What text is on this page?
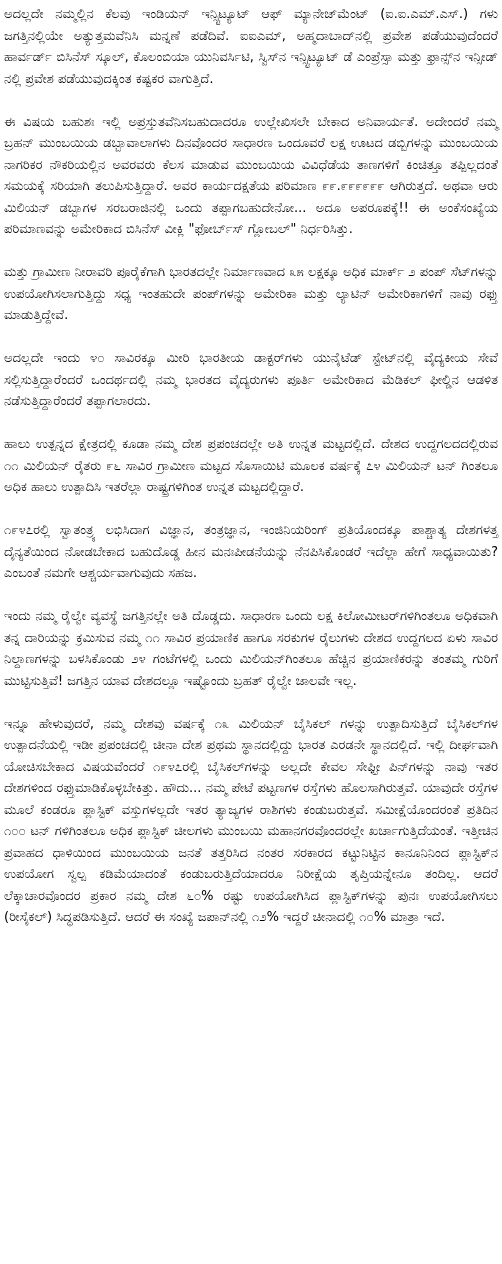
ಅದಲ್ಲದೇ ನಮ್ಮಲ್ಲಿನ ಕೆಲವು ಇಂಡಿಯನ್ ಇನ್ಸ್ಟಿಟ್ಯೂಟ್ ಆಫ್ ಮ್ಯಾನೇಜ್‌ಮೆಂಟ್ (ಐ.ಐ.ಎಮ್.ಎಸ್.) ಗಳು ಜಗತ್ತಿನಲ್ಲಿಯೇ ಅತ್ಯುತ್ತಮವೆನಿಸಿ ಮನ್ನಣೆ ಪಡೆದಿವೆ. ಐಐಎಮ್, ಅಹ್ಮದಾಬಾದ್‌ನಲ್ಲಿ ಪ್ರವೇಶ ಪಡೆಯುವುದೆಂದರೆ ಹಾರ್ವರ್ಡ್ ಬಿಸಿನೆಸ್ ಸ್ಕೂಲ್, ಕೊಲಂಬಿಯಾ ಯುನಿವರ್ಸಿಟಿ, ಸ್ವಿಸ್‌ನ ಇನ್ಸ್ಟಿಟ್ಯೂಟ್ ಡೆ ಎಂಪ್ರೆಸ್ಸಾ ಮತ್ತು ಫ್ರಾನ್ಸ್‌ನ ಇನ್ಸೀಡ್ ನಲ್ಲಿ ಪ್ರವೇಶ ಪಡೆಯುವುದಕ್ಕಿಂತ ಕಷ್ಟಕರ ವಾಗುತ್ತಿದೆ.

ಈ ವಿಷಯ ಬಹುಶಃ ಇಲ್ಲಿ ಅಪ್ರಸ್ತುತವೆನಿಸಬಹುದಾದರೂ ಉಲ್ಲೇಖಿಸಲೇ ಬೇಕಾದ ಅನಿವಾರ್ಯತೆ. ಅದೇಂದರೆ ನಮ್ಮ ಬ್ರಹನ್ ಮುಂಬಯಿಯ ಡಬ್ಬಾವಾಲಾಗಳು ದಿನವೊಂದರ ಸಾಧಾರಣ ಒಂದೂವರೆ ಲಕ್ಷ ಊಟದ ಡಬ್ಬಿಗಳನ್ನು ಮುಂಬಯಿಯ ನಾಗರಿಕರ ನೌಕರಿಯಲ್ಲಿನ ಅವರವರು ಕೆಲಸ ಮಾಡುವ ಮುಂಬಯಿಯ ವಿವಿಧೆಡೆಯ ತಾಣಗಳಿಗೆ ಕಿಂಚಿತ್ತೂ ತಪ್ಪಿಲ್ಲದಂತೆ ಸಮಯಕ್ಕೆ ಸರಿಯಾಗಿ ತಲುಪಿಸುತ್ತಿದ್ದಾರೆ. ಅವರ ಕಾರ್ಯದಕ್ಷತೆಯ ಪರಿಮಾಣ ೯೯.೯೯೯೯೯೯ ಆಗಿರುತ್ತದೆ. ಅಥವಾ ಆರು ಮಿಲಿಯನ್ ಡಬ್ಬಾಗಳ ಸರಬರಾಜಿನಲ್ಲಿ ಒಂದು ತಪ್ಪಾಗಬಹುದೇನೋ... ಅದೂ ಅಪರೂಪಕ್ಕೆ!! ಈ ಅಂಕೆಸಂಖ್ಯೆಯ ಪರಿಮಾಣವನ್ನು ಅಮೇರಿಕಾದ ಬಿಸಿನೆಸ್ ವೀಕ್ಲಿ "ಫೋರ್ಬ್‌ಸ್ ಗ್ಲೋಬಲ್" ನಿರ್ಧರಿಸಿತ್ತು.

ಮತ್ತು ಗ್ರಾಮೀಣ ನೀರಾವರಿ ಪೂರೈಕೆಗಾಗಿ ಭಾರತದಲ್ಲೇ ನಿರ್ಮಾಣವಾದ ೩೫ ಲಕ್ಷಕ್ಕೂ ಅಧಿಕ ಮಾರ್ಕ್ ೨ ಪಂಪ್ ಸೆಟ್‌ಗಳನ್ನು ಉಪಯೋಗಿಸಲಾಗುತ್ತಿದ್ದು ಸಧ್ಯ ಇಂತಹುದೇ ಪಂಪ್‌ಗಳನ್ನು ಅಮೇರಿಕಾ ಮತ್ತು ಲ್ಯಾಟಿನ್ ಅಮೇರಿಕಾಗಳಿಗೆ ನಾವು ರಫ್ತು ಮಾಡುತ್ತಿದ್ದೇವೆ.

ಅದಲ್ಲದೇ ಇಂದು ೪೦ ಸಾವಿರಕ್ಕೂ ಮೀರಿ ಭಾರತೀಯ ಡಾಕ್ಟರ್‌ಗಳು ಯುನೈಟೆಡ್ ಸ್ಟೇಟ್‌ನಲ್ಲಿ ವೈದ್ಯಕೀಯ ಸೇವೆ ಸಲ್ಲಿಸುತ್ತಿದ್ದಾರೆಂದರೆ ಒಂದರ್ಥದಲ್ಲಿ ನಮ್ಮ ಭಾರತದ ವೈದ್ಯರುಗಳು ಪೂರ್ತಿ ಅಮೇರಿಕಾದ ಮೆಡಿಕಲ್ ಫೀಲ್ಡಿನ ಆಡಳಿತ ನಡೆಸುತ್ತಿದ್ದಾರೆಂದರೆ ತಪ್ಪಾಗಲಾರದು.

ಹಾಲು ಉತ್ಪನ್ನದ ಕ್ಷೇತ್ರದಲ್ಲಿ ಕೂಡಾ ನಮ್ಮ ದೇಶ ಪ್ರಪಂಚದಲ್ಲೇ ಅತಿ ಉನ್ನತ ಮಟ್ಟದಲ್ಲಿದೆ. ದೇಶದ ಉದ್ದಗಲದದಲ್ಲಿರುವ ೧೧ ಮಿಲಿಯನ್ ರೈತರು ೯೬ ಸಾವಿರ ಗ್ರಾಮೀಣ ಮಟ್ಟದ ಸೊಸಾಯಿಟಿ ಮೂಲಕ ವರ್ಷಕ್ಕೆ ೭೪ ಮಿಲಿಯನ್ ಟನ್ ಗಿಂತಲೂ ಅಧಿಕ ಹಾಲು ಉತ್ಪಾದಿಸಿ ಇತರೆಲ್ಲಾ ರಾಷ್ಟ್ರಗಳಿಗಿಂತ ಉನ್ನತ ಮಟ್ಟದಲ್ಲಿದ್ದಾರೆ.

೧೯೪೭ರಲ್ಲಿ ಸ್ವಾತಂತ್ರ್ಯ ಲಭಿಸಿದಾಗ ವಿಜ್ಞಾನ, ತಂತ್ರಜ್ಞಾನ, ಇಂಜಿನಿಯರಿಂಗ್ ಪ್ರತಿಯೊಂದಕ್ಕೂ ಪಾಶ್ಚಾತ್ಯ ದೇಶಗಳತ್ತ ದೈನ್ಯತೆಯಿಂದ ನೋಡಬೇಕಾದ ಬಹುದೊಡ್ಡ ಹೀನ ಮನಃಪೀಡನೆಯನ್ನು ನೆನಪಿಸಿಕೊಂಡರೆ ಇದೆಲ್ಲಾ ಹೇಗೆ ಸಾಧ್ಯವಾಯಿತು? ಎಂಬಂತೆ ನಮಗೇ ಆಶ್ಚರ್ಯವಾಗುವುದು ಸಹಜ.

ಇಂದು ನಮ್ಮ ರೈಲ್ವೇ ವ್ಯವಸ್ಥೆ ಜಗತ್ತಿನಲ್ಲೇ ಅತಿ ದೊಡ್ಡದು. ಸಾಧಾರಣ ಒಂದು ಲಕ್ಷ ಕಿಲೋಮೀಟರ್‌ಗಳಿಗಿಂತಲೂ ಅಧಿಕವಾಗಿ ತನ್ನ ದಾರಿಯನ್ನು ಕ್ರಮಿಸುವ ನಮ್ಮ ೧೧ ಸಾವಿರ ಪ್ರಯಾಣಿಕ ಹಾಗೂ ಸರಕುಗಳ ರೈಲುಗಳು ದೇಶದ ಉದ್ದಗಲದ ಏಳು ಸಾವಿರ ನಿಲ್ದಾಣಗಳನ್ನು ಬಳಸಿಕೊಂಡು ೨೪ ಗಂಟೆಗಳಲ್ಲಿ ಒಂದು ಮಿಲಿಯನ್‌ಗಿಂತಲೂ ಹೆಚ್ಚಿನ ಪ್ರಯಾಣಿಕರನ್ನು ತಂತಮ್ಮ ಗುರಿಗೆ ಮುಟ್ಟಿಸುತ್ತಿವೆ! ಜಗತ್ತಿನ ಯಾವ ದೇಶದಲ್ಲೂ ಇಷ್ಟೊಂದು ಬ್ರಹತ್ ರೈಲ್ವೇ ಜಾಲವೇ ಇಲ್ಲ.

ಇನ್ನೂ ಹೇಳುವುದರೆ, ನಮ್ಮ ದೇಶವು ವರ್ಷಕ್ಕೆ ೧೩ ಮಿಲಿಯನ್ ಬೈಸಿಕಲ್ ಗಳನ್ನು ಉತ್ಪಾದಿಸುತ್ತಿದೆ ಬೈಸಿಕಲ್‌ಗಳ ಉತ್ಪಾದನೆಯಲ್ಲಿ ಇಡೀ ಪ್ರಪಂಚದಲ್ಲಿ ಚೀನಾ ದೇಶ ಪ್ರಥಮ ಸ್ಥಾನದಲ್ಲಿದ್ದು ಭಾರತ ಎರಡನೇ ಸ್ಥಾನದಲ್ಲಿದೆ. ಇಲ್ಲಿ ದೀರ್ಘವಾಗಿ ಯೋಚಿಸಬೇಕಾದ ವಿಷಯವೆಂದರೆ ೧೯೪೭ರಲ್ಲಿ ಬೈಸಿಕಲ್‌ಗಳನ್ನು ಅಲ್ಲದೇ ಕೇವಲ ಸೇಫ್ಟೀ ಪಿನ್‌ಗಳನ್ನು ನಾವು ಇತರ ದೇಶಗಳಿಂದ ರಫ್ತುಮಾಡಿಕೊಳ್ಳಬೇಕಿತ್ತು. ಹೌದು... ನಮ್ಮ ಪೇಟೆ ಪಟ್ಟಣಗಳ ರಸ್ತೆಗಳು ಹೊಲಸಾಗಿರುತ್ತವೆ. ಯಾವುದೇ ರಸ್ತೆಗಳ ಮೂಲೆ ಕಂಡರೂ ಪ್ಲಾಸ್ಟಿಕ್ ವಸ್ತುಗಳಲ್ಲದೇ ಇತರ ತ್ಯಾಜ್ಯಗಳ ರಾಶಿಗಳು ಕಂಡುಬರುತ್ತವೆ. ಸಮೀಕ್ಷೆಯೊಂದರಂತೆ ಪ್ರತಿದಿನ ೧೦೦ ಟನ್ ಗಳಿಗಿಂತಲೂ ಅಧಿಕ ಪ್ಲಾಸ್ಟಿಕ್ ಚೀಲಗಳು ಮುಂಬಯಿ ಮಹಾನಗರವೊಂದರಲ್ಲೇ ಖರ್ಚಾಗುತ್ತಿದೆಯಂತೆ. ಇತ್ತೀಚಿನ ಪ್ರವಾಹದ ಧಾಳಿಯಿಂದ ಮುಂಬಯಿಯ ಜನತೆ ತತ್ತರಿಸಿದ ನಂತರ ಸರಕಾರದ ಕಟ್ಟುನಿಟ್ಟಿನ ಕಾನೂನಿನಿಂದ ಪ್ಲಾಸ್ಟಿಕ್‌ನ ಉಪಯೋಗ ಸ್ವಲ್ಪ ಕಡಿಮೆಯಾದಂತೆ ಕಂಡುಬರುತ್ತಿದೆಯಾದರೂ ನಿರೀಕ್ಷೆಯ ತೃಪ್ತಿಯನ್ನೇನೂ ತಂದಿಲ್ಲ. ಆದರೆ ಲೆಕ್ಕಾಚಾರವೊಂದರ ಪ್ರಕಾರ ನಮ್ಮ ದೇಶ ೬೦% ರಷ್ಟು ಉಪಯೋಗಿಸಿದ ಪ್ಲಾಸ್ಟಿಕ್‌ಗಳನ್ನು ಪುನಃ ಉಪಯೋಗಿಸಲು (ರೀಸೈಕಲ್) ಸಿದ್ಧಪಡಿಸುತ್ತಿದೆ. ಆದರೆ ಈ ಸಂಖ್ಯೆ ಜಪಾನ್‌ನಲ್ಲಿ ೧೨% ಇದ್ದರೆ ಚೀನಾದಲ್ಲಿ ೧೦% ಮಾತ್ರಾ ಇದೆ.
